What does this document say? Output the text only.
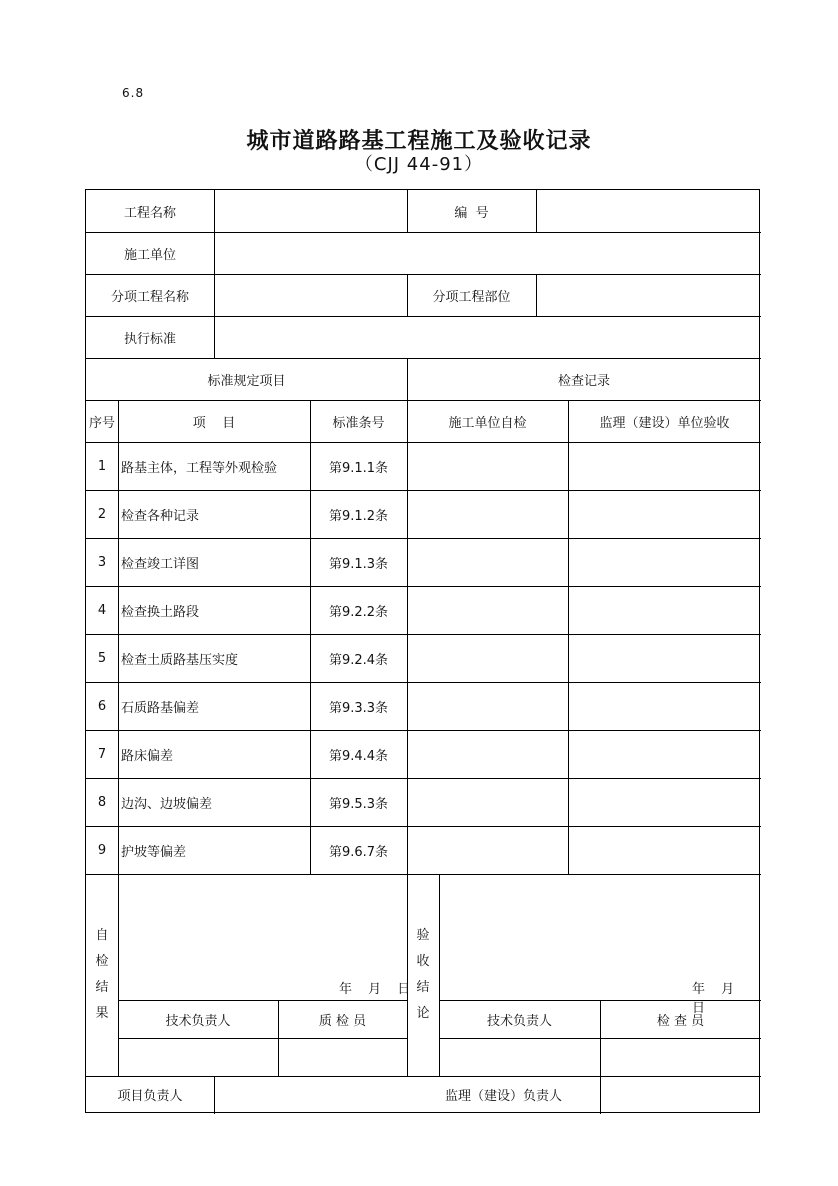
6.8
城市道路路基工程施工及验收记录
（CJJ 44-91）
工程名称	编  号
施工单位
分项工程名称	分项工程部位
执行标准
标准规定项目	检查记录
序号	项    目	标准条号	施工单位自检	监理（建设）单位验收
1	路基主体，工程等外观检验	第9.1.1条
2	检查各种记录	第9.1.2条
3	检查竣工详图	第9.1.3条
4	检查换土路段	第9.2.2条
5	检查土质路基压实度	第9.2.4条
6	石质路基偏差	第9.3.3条
7	路床偏差	第9.4.4条
8	边沟、边坡偏差	第9.5.3条
9	护坡等偏差	第9.6.7条
自
检
结
果
年 月 日
验
收
结
论
年 月 日
技术负责人	质 检 员	技术负责人	检 查 员
项目负责人	监理（建设）负责人
